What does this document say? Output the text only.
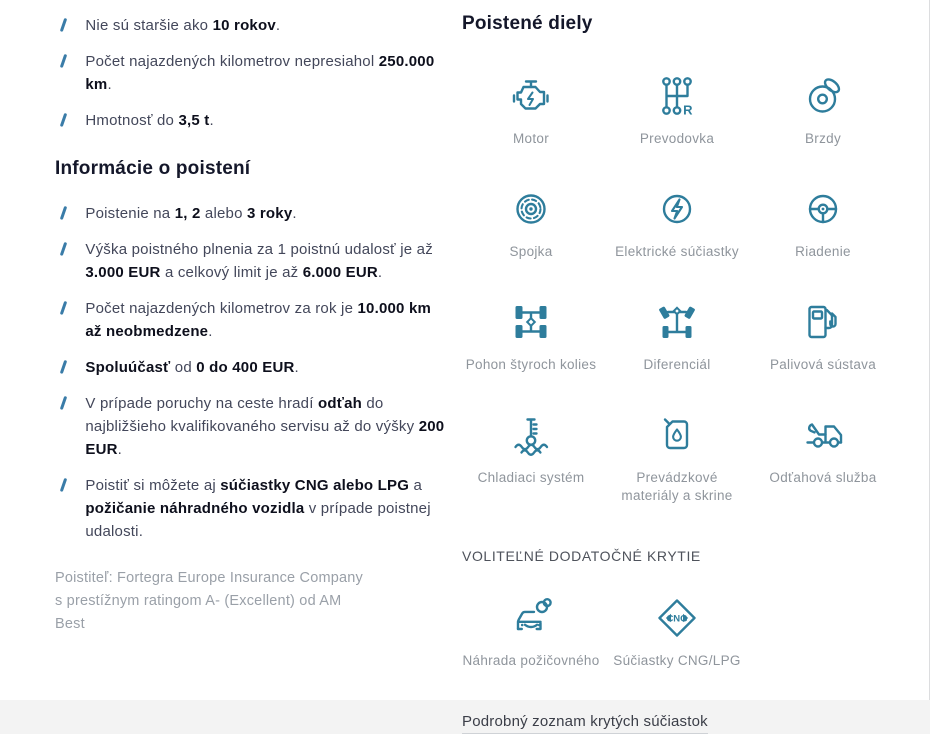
Nie sú staršie ako 10 rokov.
Počet najazdených kilometrov nepresiahol 250.000 km.
Hmotnosť do 3,5 t.
Informácie o poistení
Poistenie na 1, 2 alebo 3 roky.
Výška poistného plnenia za 1 poistnú udalosť je až 3.000 EUR a celkový limit je až 6.000 EUR.
Počet najazdených kilometrov za rok je 10.000 km až neobmedzene.
Spoluúčasť od 0 do 400 EUR.
V prípade poruchy na ceste hradí odťah do najbližšieho kvalifikovaného servisu až do výšky 200 EUR.
Poistiť si môžete aj súčiastky CNG alebo LPG a požičanie náhradného vozidla v prípade poistnej udalosti.

Poistiteľ: Fortegra Europe Insurance Company s prestížnym ratingom A- (Excellent) od AM Best

Poistené diely
Motor
R
Prevodovka	Brzdy
Spojka	Elektrické súčiastky	Riadenie
Pohon štyroch kolies	Diferenciál	Palivová sústava
Chladiaci systém	Prevádzkové materiály a skrine
Odťahová služba
VOLITEĽNÉ DODATOČNÉ KRYTIE
Náhrada požičovného
CNG
Súčiastky CNG/LPG
Podrobný zoznam krytých súčiastok
